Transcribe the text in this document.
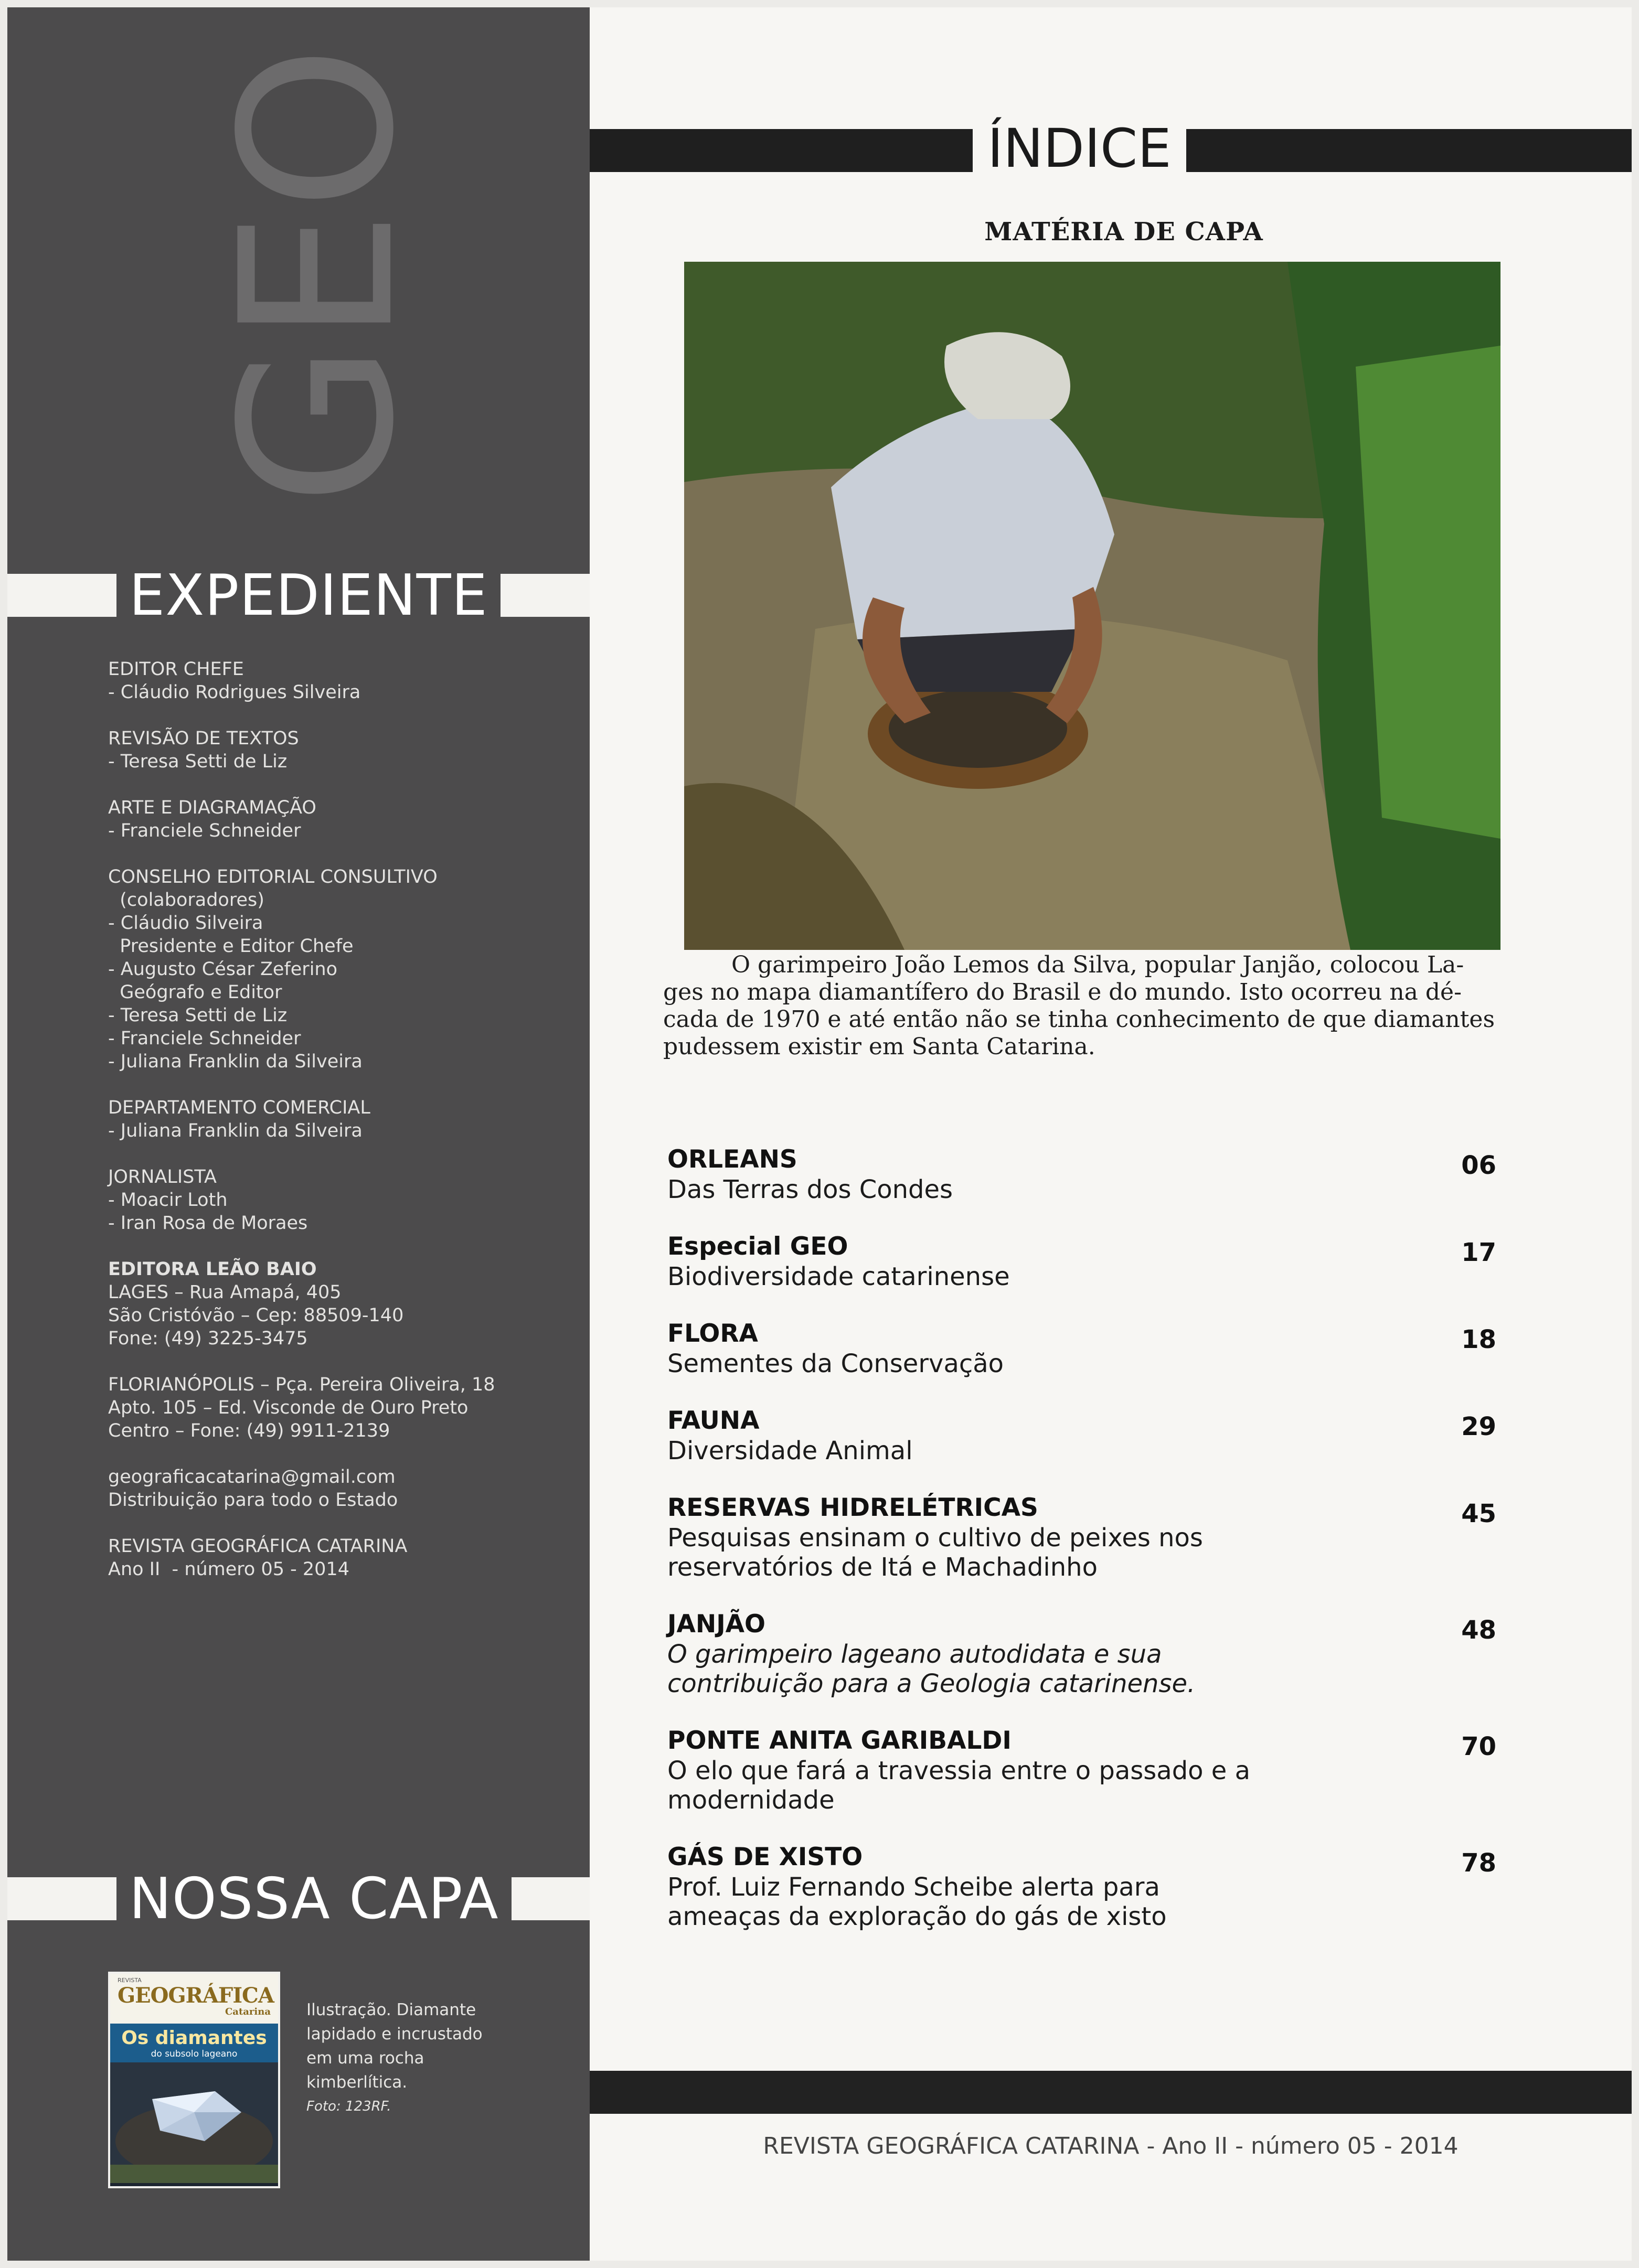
GEO
EXPEDIENTE
EDITOR CHEFE
- Cláudio Rodrigues Silveira
REVISÃO DE TEXTOS
- Teresa Setti de Liz
ARTE E DIAGRAMAÇÃO
- Franciele Schneider
CONSELHO EDITORIAL CONSULTIVO
(colaboradores)
- Cláudio Silveira
Presidente e Editor Chefe
- Augusto César Zeferino
Geógrafo e Editor
- Teresa Setti de Liz
- Franciele Schneider
- Juliana Franklin da Silveira
DEPARTAMENTO COMERCIAL
- Juliana Franklin da Silveira
JORNALISTA
- Moacir Loth
- Iran Rosa de Moraes
EDITORA LEÃO BAIO
LAGES – Rua Amapá, 405
São Cristóvão – Cep: 88509-140
Fone: (49) 3225-3475
FLORIANÓPOLIS – Pça. Pereira Oliveira, 18
Apto. 105 – Ed. Visconde de Ouro Preto
Centro – Fone: (49) 9911-2139
geograficacatarina@gmail.com
Distribuição para todo o Estado
REVISTA GEOGRÁFICA CATARINA
Ano II  - número 05 - 2014
NOSSA CAPA
REVISTA
GEOGRÁFICA
Catarina
Os diamantes
do subsolo lageano
Ilustração. Diamante
lapidado e incrustado
em uma rocha
kimberlítica.
Foto: 123RF.
ÍNDICE
MATÉRIA DE CAPA
O garimpeiro João Lemos da Silva, popular Janjão, colocou La-
ges no mapa diamantífero do Brasil e do mundo. Isto ocorreu na dé-
cada de 1970 e até então não se tinha conhecimento de que diamantes
pudessem existir em Santa Catarina.
ORLEANS
Das Terras dos Condes
06
Especial GEO
Biodiversidade catarinense
17
FLORA
Sementes da Conservação
18
FAUNA
Diversidade Animal
29
RESERVAS HIDRELÉTRICAS
Pesquisas ensinam o cultivo de peixes nos
reservatórios de Itá e Machadinho
45
JANJÃO
O garimpeiro lageano autodidata e sua
contribuição para a Geologia catarinense.
48
PONTE ANITA GARIBALDI
O elo que fará a travessia entre o passado e a
modernidade
70
GÁS DE XISTO
Prof. Luiz Fernando Scheibe alerta para
ameaças da exploração do gás de xisto
78
REVISTA GEOGRÁFICA CATARINA - Ano II - número 05 - 2014
